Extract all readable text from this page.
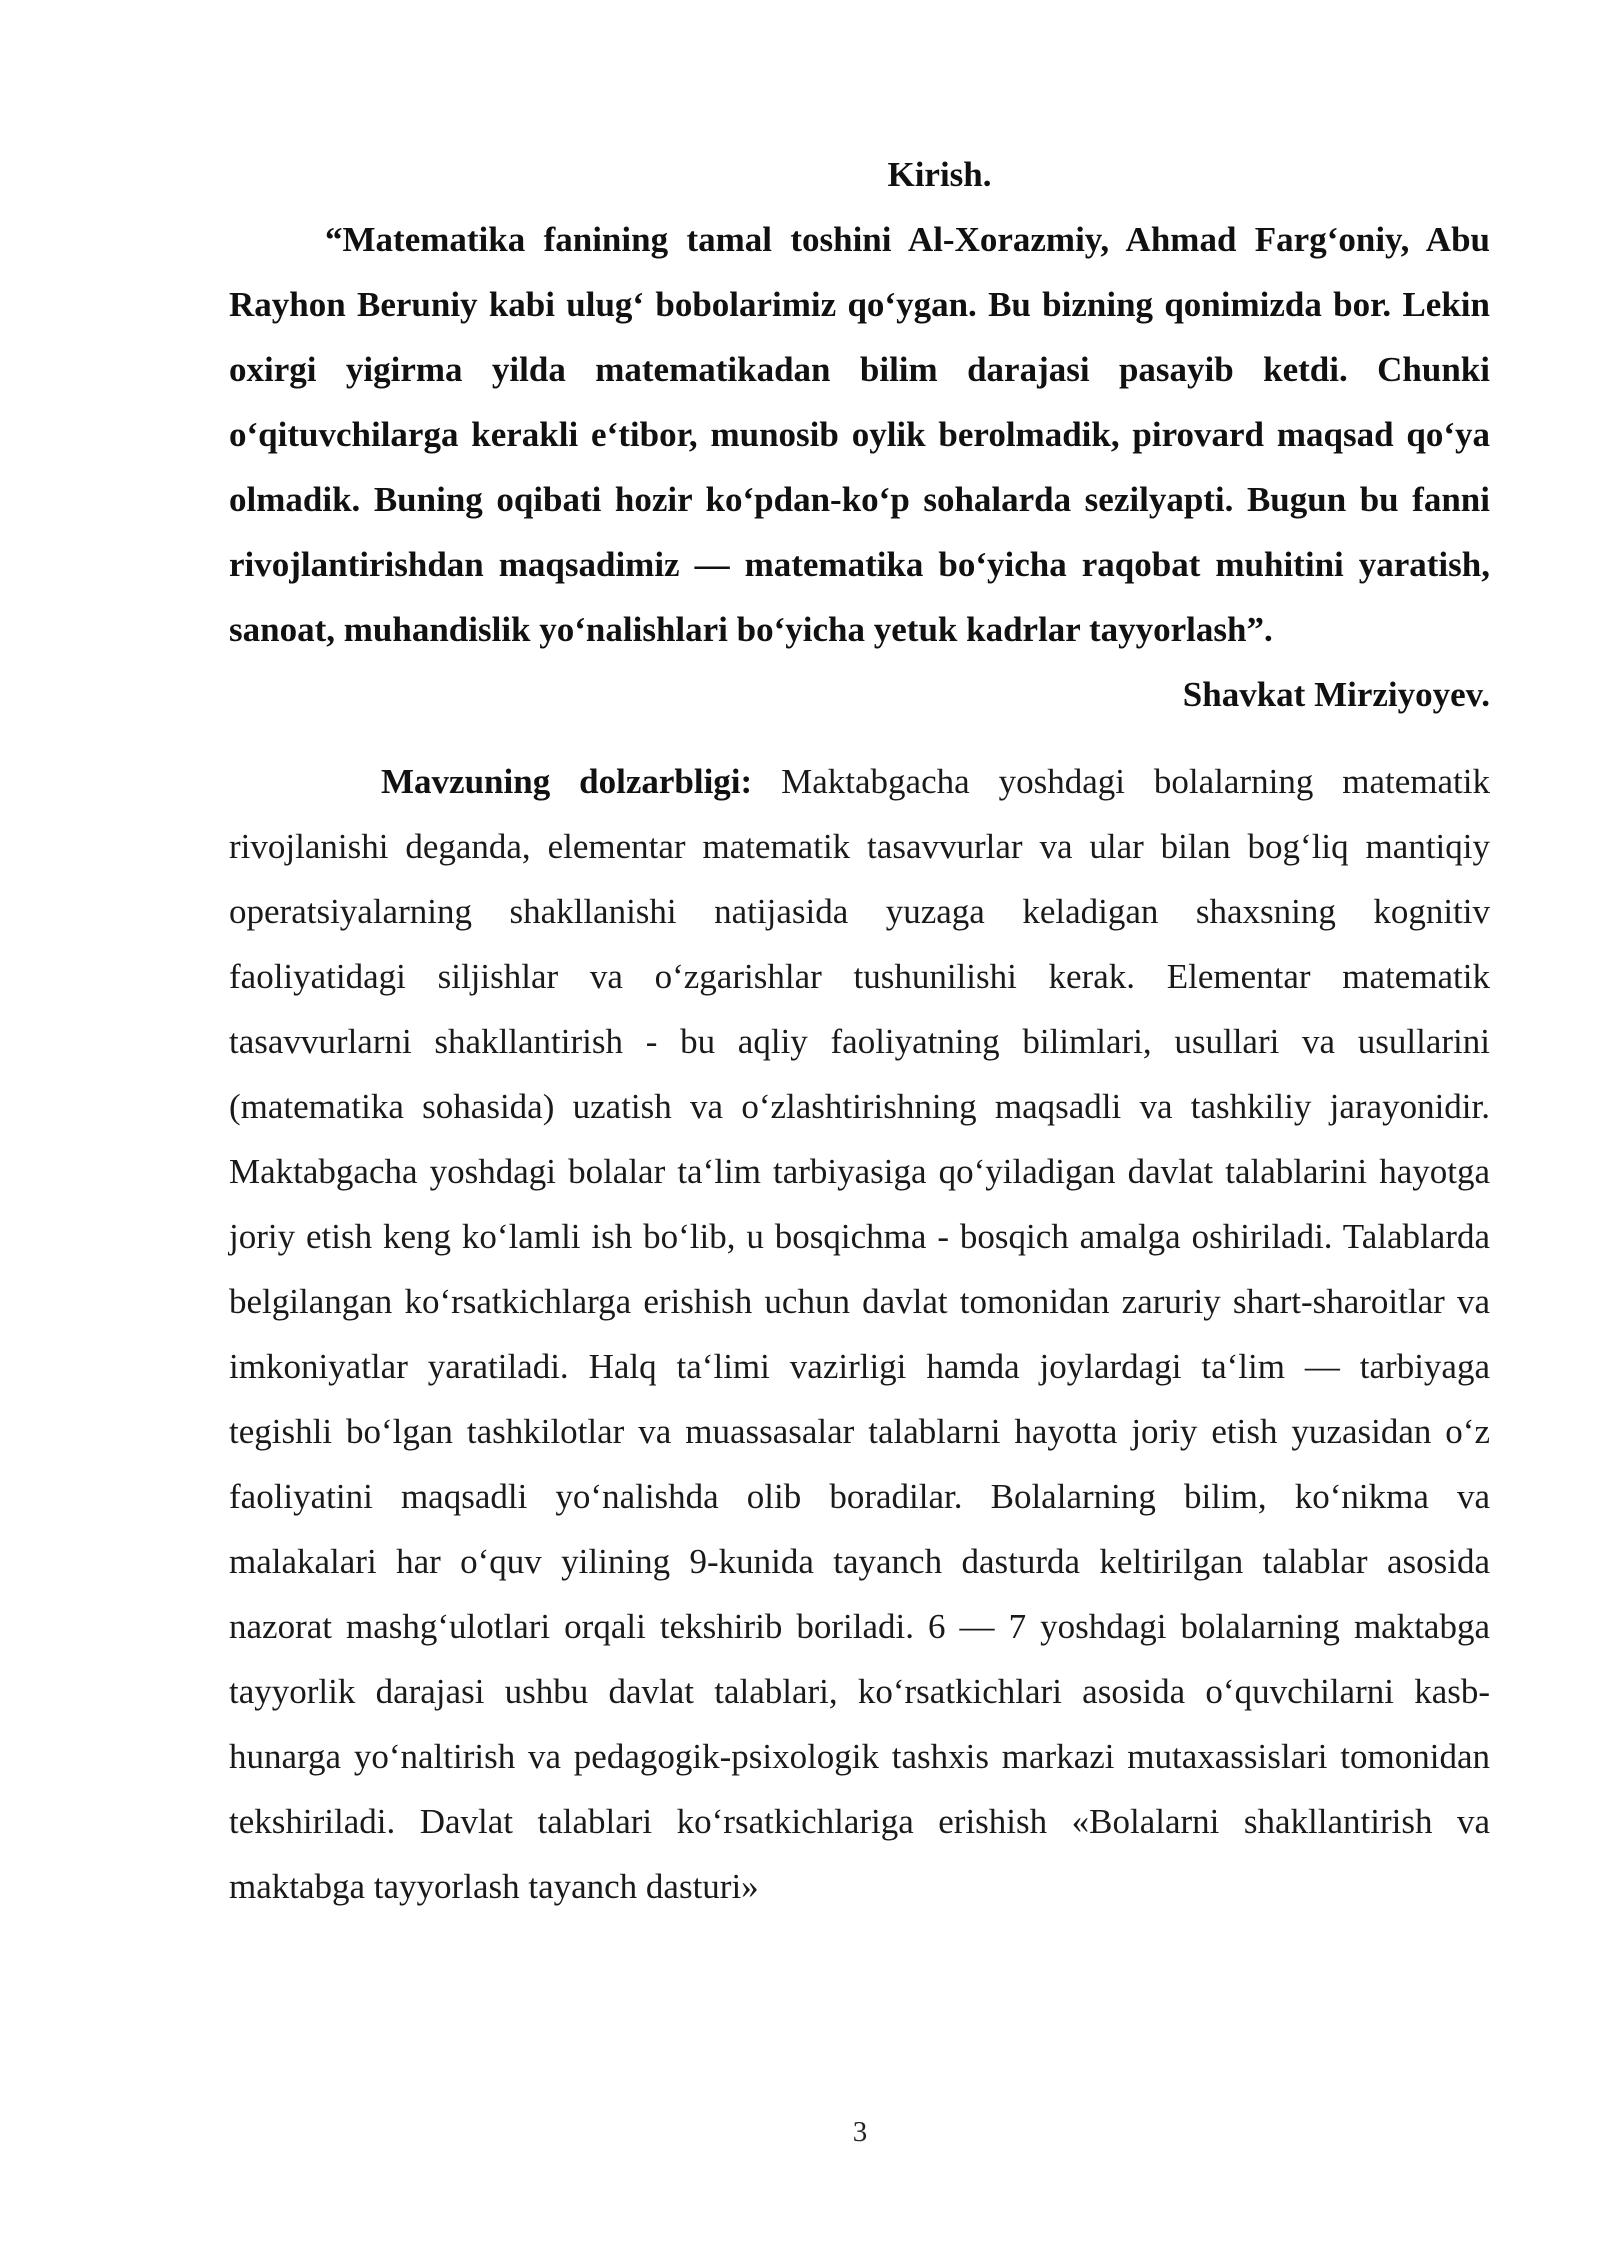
Kirish.

“Matematika fanining tamal toshini Al-Xorazmiy, Ahmad Farg‘oniy, Abu Rayhon Beruniy kabi ulug‘ bobolarimiz qo‘ygan. Bu bizning qonimizda bor. Lekin oxirgi yigirma yilda matematikadan bilim darajasi pasayib ketdi. Chunki o‘qituvchilarga kerakli e‘tibor, munosib oylik berolmadik, pirovard maqsad qo‘ya olmadik. Buning oqibati hozir ko‘pdan-ko‘p sohalarda sezilyapti. Bugun bu fanni rivojlantirishdan maqsadimiz — matematika bo‘yicha raqobat muhitini yaratish, sanoat, muhandislik yo‘nalishlari bo‘yicha yetuk kadrlar tayyorlash”.

Shavkat Mirziyoyev.

Mavzuning dolzarbligi: Maktabgacha yoshdagi bolalarning matematik rivojlanishi deganda, elementar matematik tasavvurlar va ular bilan bog‘liq mantiqiy operatsiyalarning shakllanishi natijasida yuzaga keladigan shaxsning kognitiv faoliyatidagi siljishlar va o‘zgarishlar tushunilishi kerak. Elementar matematik tasavvurlarni shakllantirish - bu aqliy faoliyatning bilimlari, usullari va usullarini (matematika sohasida) uzatish va o‘zlashtirishning maqsadli va tashkiliy jarayonidir. Maktabgacha yoshdagi bolalar ta‘lim tarbiyasiga qo‘yiladigan davlat talablarini hayotga joriy etish keng ko‘lamli ish bo‘lib, u bosqichma - bosqich amalga oshiriladi. Talablarda belgilangan ko‘rsatkichlarga erishish uchun davlat tomonidan zaruriy shart-sharoitlar va imkoniyatlar yaratiladi. Halq ta‘limi vazirligi hamda joylardagi ta‘lim — tarbiyaga tegishli bo‘lgan tashkilotlar va muassasalar talablarni hayotta joriy etish yuzasidan o‘z faoliyatini maqsadli yo‘nalishda olib boradilar. Bolalarning bilim, ko‘nikma va malakalari har o‘quv yilining 9-kunida tayanch dasturda keltirilgan talablar asosida nazorat mashg‘ulotlari orqali tekshirib boriladi. 6 — 7 yoshdagi bolalarning maktabga tayyorlik darajasi ushbu davlat talablari, ko‘rsatkichlari asosida o‘quvchilarni kasb-hunarga yo‘naltirish va pedagogik-psixologik tashxis markazi mutaxassislari tomonidan tekshiriladi. Davlat talablari ko‘rsatkichlariga erishish «Bolalarni shakllantirish va maktabga tayyorlash tayanch dasturi»

3
